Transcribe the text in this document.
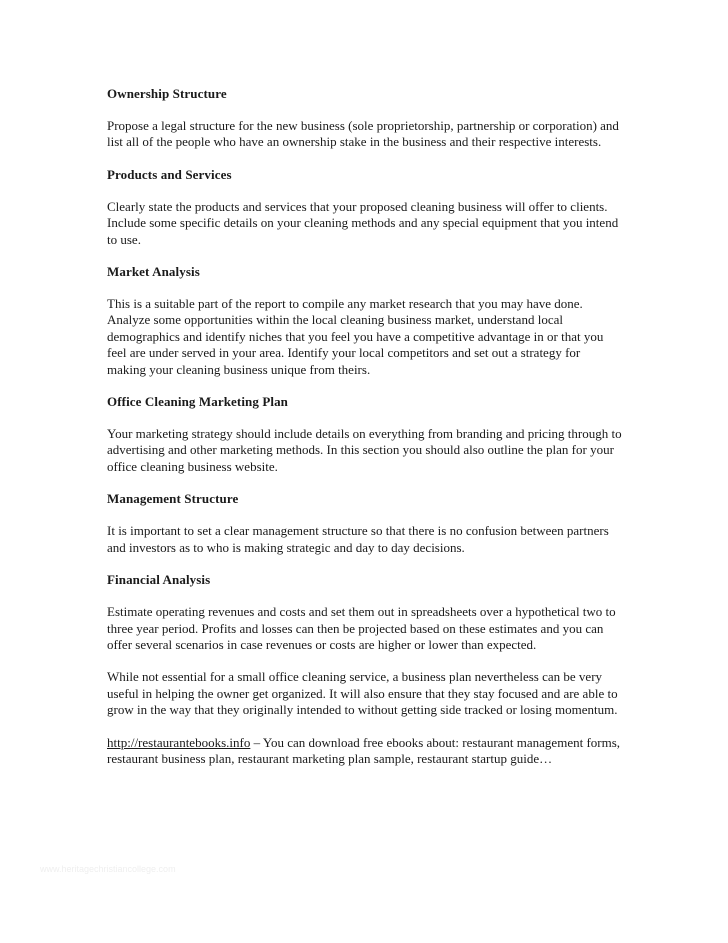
Ownership Structure

Propose a legal structure for the new business (sole proprietorship, partnership or corporation) and list all of the people who have an ownership stake in the business and their respective interests.

Products and Services

Clearly state the products and services that your proposed cleaning business will offer to clients. Include some specific details on your cleaning methods and any special equipment that you intend to use.

Market Analysis

This is a suitable part of the report to compile any market research that you may have done. Analyze some opportunities within the local cleaning business market, understand local demographics and identify niches that you feel you have a competitive advantage in or that you feel are under served in your area. Identify your local competitors and set out a strategy for making your cleaning business unique from theirs.

Office Cleaning Marketing Plan

Your marketing strategy should include details on everything from branding and pricing through to advertising and other marketing methods. In this section you should also outline the plan for your office cleaning business website.

Management Structure

It is important to set a clear management structure so that there is no confusion between partners and investors as to who is making strategic and day to day decisions.

Financial Analysis

Estimate operating revenues and costs and set them out in spreadsheets over a hypothetical two to three year period. Profits and losses can then be projected based on these estimates and you can offer several scenarios in case revenues or costs are higher or lower than expected.

While not essential for a small office cleaning service, a business plan nevertheless can be very useful in helping the owner get organized. It will also ensure that they stay focused and are able to grow in the way that they originally intended to without getting side tracked or losing momentum.

http://restaurantebooks.info – You can download free ebooks about: restaurant management forms, restaurant business plan, restaurant marketing plan sample, restaurant startup guide…

www.heritagechristiancollege.com
